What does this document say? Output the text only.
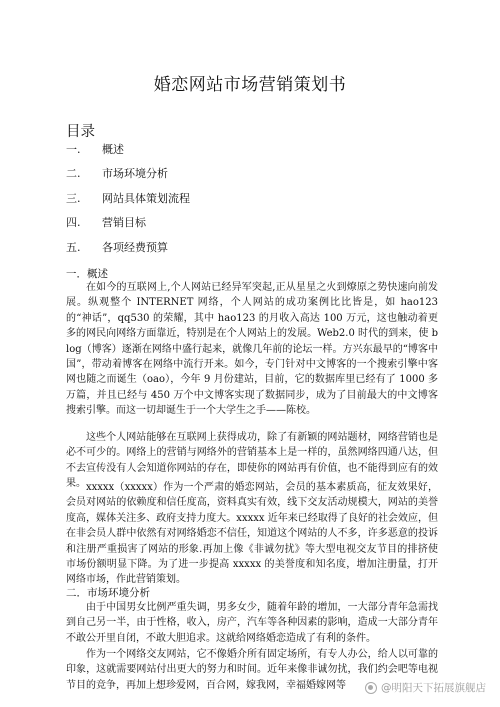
婚恋网站市场营销策划书
目录
一. 概述
二. 市场环境分析
三. 网站具体策划流程
四. 营销目标
五. 各项经费预算
一．概述

在如今的互联网上,个人网站已经异军突起,正从星星之火到燎原之势快速向前发展。纵观整个 INTERNET 网络，个人网站的成功案例比比皆是，如 hao123 的“神话”，qq530 的荣耀，其中 hao123 的月收入高达 100 万元，这也触动着更多的网民向网络方面靠近，特别是在个人网站上的发展。Web2.0 时代的到来，使 blog（博客）逐渐在网络中盛行起来，就像几年前的论坛一样。方兴东最早的“博客中国”，带动着博客在网络中流行开来。如今，专门针对中文博客的一个搜索引擎中客网也随之而诞生（oao），今年 9 月份建站，目前，它的数据库里已经有了 1000 多万篇，并且已经与 450 万个中文博客实现了数据同步，成为了目前最大的中文博客搜索引擎。而这一切却诞生于一个大学生之手——陈校。

这些个人网站能够在互联网上获得成功，除了有新颖的网站题材，网络营销也是必不可少的。网络上的营销与网络外的营销基本上是一样的，虽然网络四通八达，但不去宣传没有人会知道你网站的存在，即使你的网站再有价值，也不能得到应有的效果。 xxxxx（xxxxx）作为一个严肃的婚恋网站，会员的基本素质高，征友效果好，会员对网站的依赖度和信任度高，资料真实有效，线下交友活动规模大，网站的美誉度高，媒体关注多、政府支持力度大。xxxxx 近年来已经取得了良好的社会效应，但在非会员人群中依然有对网络婚恋不信任，知道这个网站的人不多，许多恶意的投诉和注册严重损害了网站的形象.再加上像《非诚勿扰》等大型电视交友节目的排挤使市场份额明显下降。为了进一步提高 xxxxx 的美誉度和知名度，增加注册量，打开网络市场，作此营销策划。

二．市场环境分析

由于中国男女比例严重失调，男多女少，随着年龄的增加，一大部分青年急需找到自己另一半，由于性格，收入，房产，汽车等各种因素的影响，造成一大部分青年不敢公开里自闭，不敢大胆追求。这就给网络婚恋造成了有利的条件。

作为一个网络交友网站，它不像婚介所有固定场所，有专人办公，给人以可靠的印象，这就需要网站付出更大的努力和时间。近年来像非诚勿扰，我们约会吧等电视节目的竞争，再加上想珍爱网，百合网，嫁我网，幸福婚嫁网等	@明阳天下拓展旗舰店
